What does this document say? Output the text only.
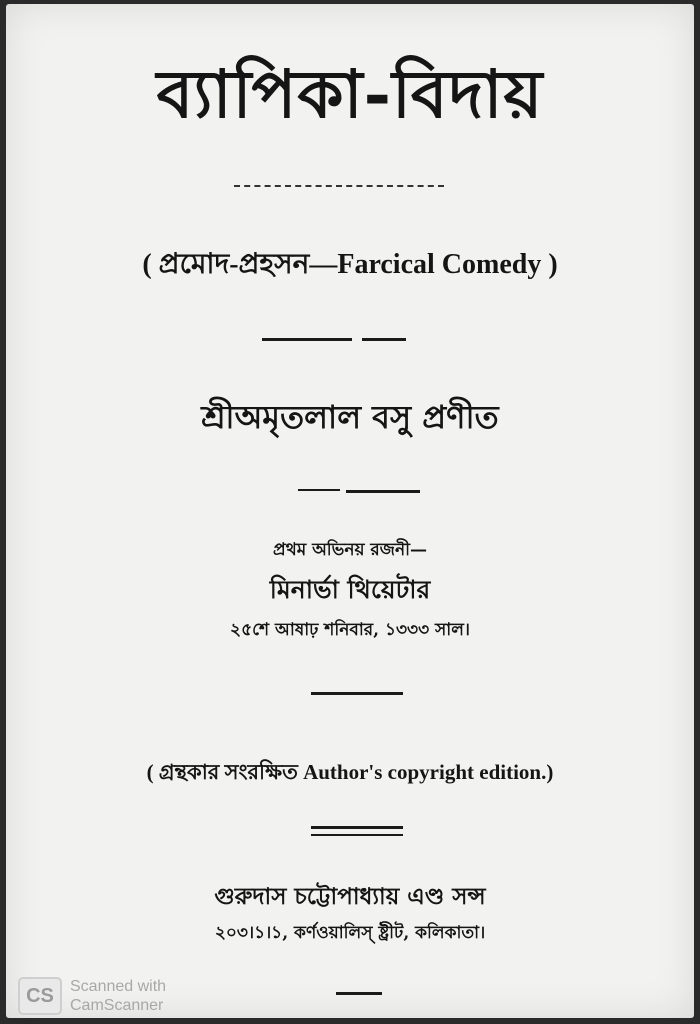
ব্যাপিকা-বিদায়
( প্রমোদ-প্রহসন—Farcical Comedy )
শ্রীঅমৃতলাল বসু প্রণীত
প্রথম অভিনয় রজনী—
মিনার্ভা থিয়েটার
২৫শে আষাঢ় শনিবার, ১৩৩৩ সাল।
( গ্রন্থকার সংরক্ষিত Author's copyright edition.)
গুরুদাস চট্টোপাধ্যায় এণ্ড সন্স
২০৩।১।১, কর্ণওয়ালিস্ ষ্ট্রীট, কলিকাতা।
CS	Scanned with
CamScanner
